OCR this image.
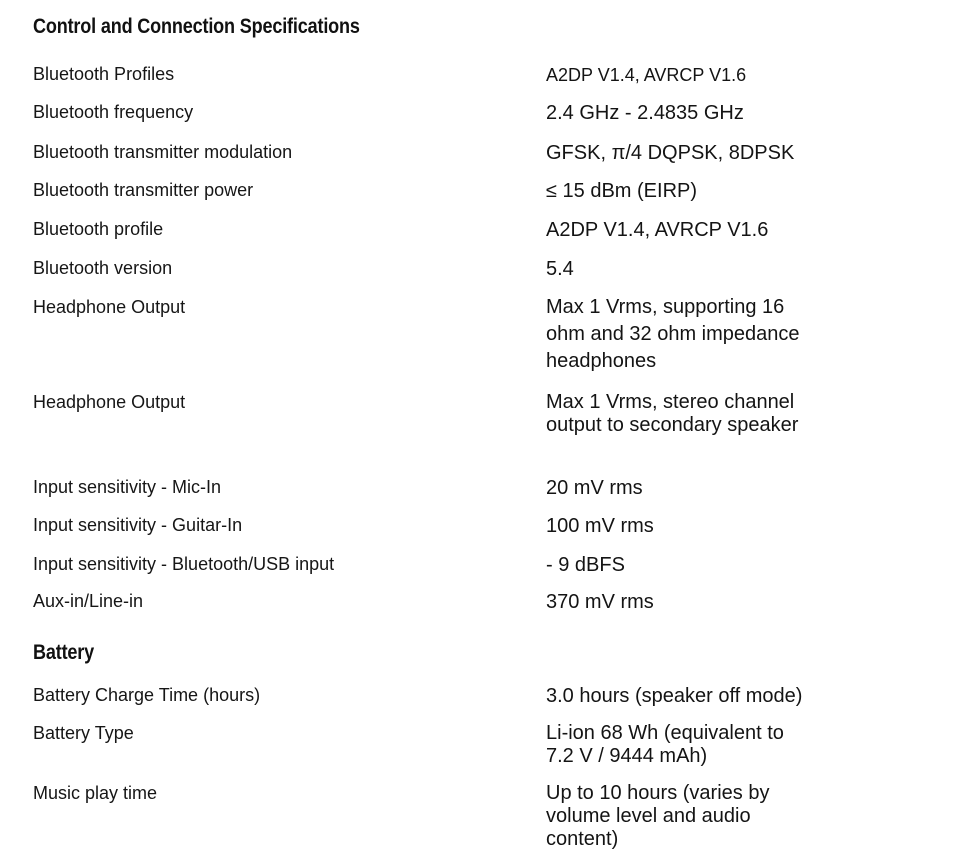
Control and Connection Specifications
Bluetooth Profiles	A2DP V1.4, AVRCP V1.6
Bluetooth frequency	2.4 GHz - 2.4835 GHz
Bluetooth transmitter modulation	GFSK, π/4 DQPSK, 8DPSK
Bluetooth transmitter power	≤ 15 dBm (EIRP)
Bluetooth profile	A2DP V1.4, AVRCP V1.6
Bluetooth version	5.4
Headphone Output	Max 1 Vrms, supporting 16 ohm and 32 ohm impedance headphones
Headphone Output	Max 1 Vrms, stereo channel output to secondary speaker
Input sensitivity - Mic-In	20 mV rms
Input sensitivity - Guitar-In	100 mV rms
Input sensitivity - Bluetooth/USB input	- 9 dBFS
Aux-in/Line-in	370 mV rms
Battery
Battery Charge Time (hours)	3.0 hours (speaker off mode)
Battery Type	Li-ion 68 Wh (equivalent to 7.2 V / 9444 mAh)
Music play time	Up to 10 hours (varies by volume level and audio content)
